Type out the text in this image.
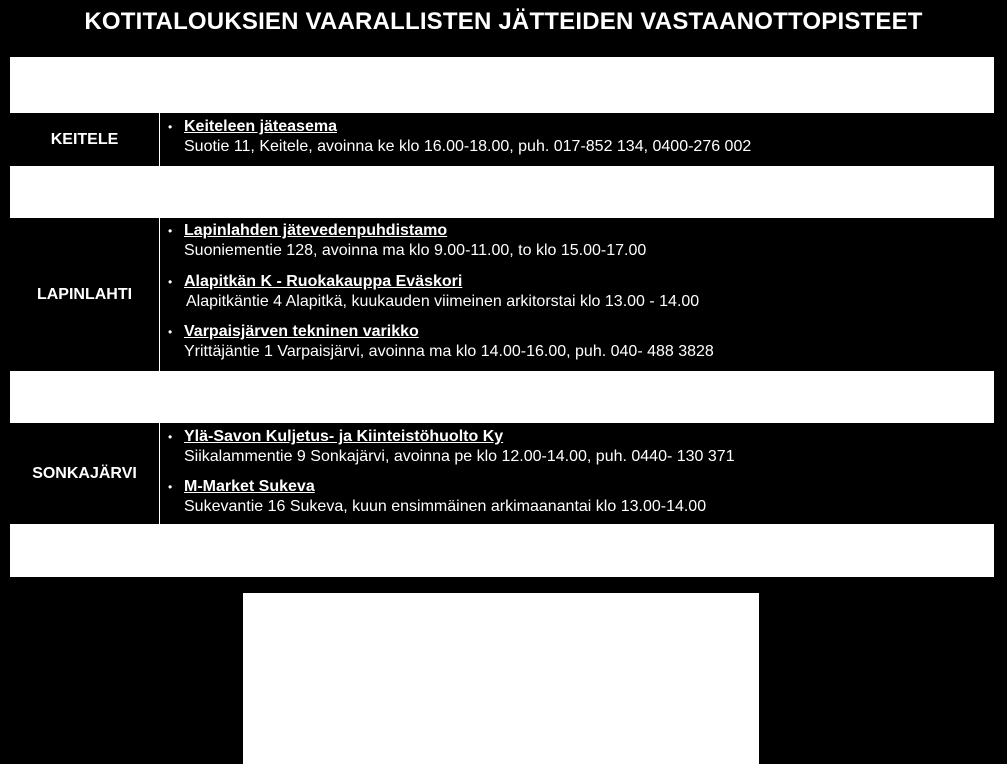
KOTITALOUKSIEN VAARALLISTEN JÄTTEIDEN VASTAANOTTOPISTEET
KEITELE
• Keiteleen jäteasema
Suotie 11, Keitele, avoinna ke klo 16.00-18.00, puh. 017-852 134, 0400-276 002
LAPINLAHTI
• Lapinlahden jätevedenpuhdistamo
Suoniementie 128, avoinna ma klo 9.00-11.00, to klo 15.00-17.00
• Alapitkän K - Ruokakauppa Eväskori
Alapitkäntie 4 Alapitkä, kuukauden viimeinen arkitorstai klo 13.00 - 14.00
• Varpaisjärven tekninen varikko
Yrittäjäntie 1 Varpaisjärvi, avoinna ma klo 14.00-16.00, puh. 040- 488 3828
SONKAJÄRVI
• Ylä-Savon Kuljetus- ja Kiinteistöhuolto Ky
Siikalammentie 9 Sonkajärvi, avoinna pe klo 12.00-14.00, puh. 0440- 130 371
• M-Market Sukeva
Sukevantie 16 Sukeva, kuun ensimmäinen arkimaanantai klo 13.00-14.00
